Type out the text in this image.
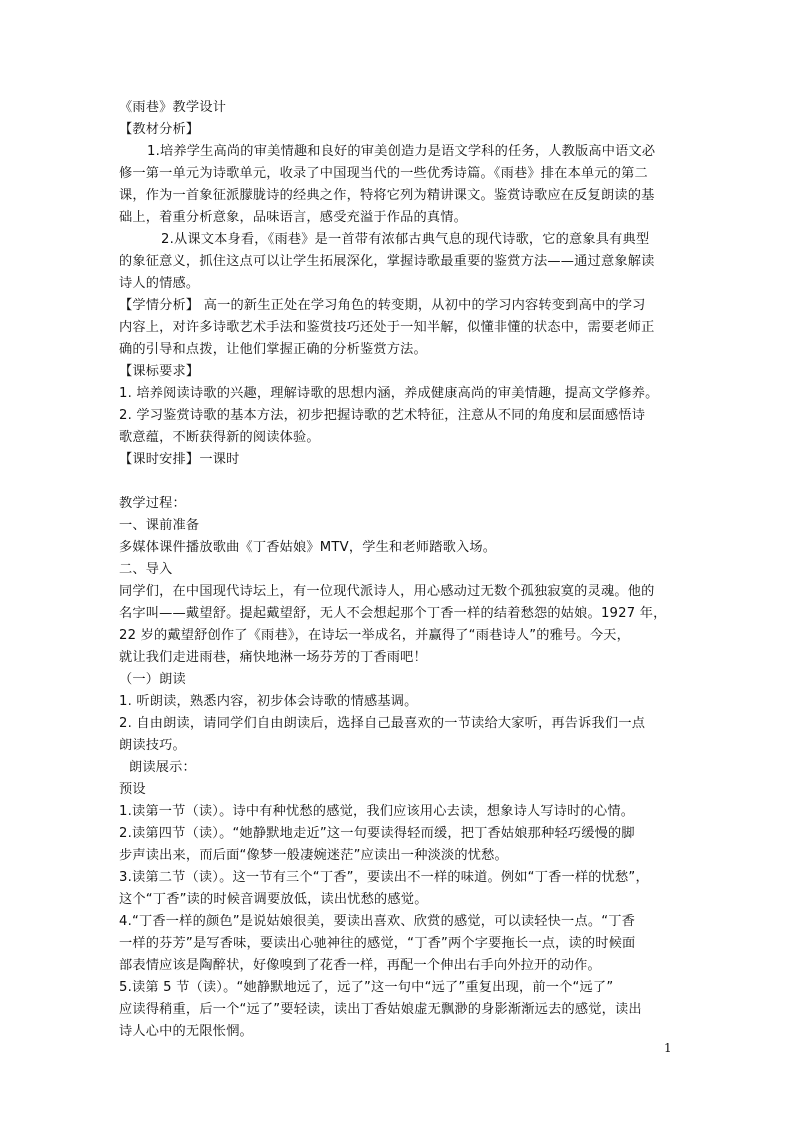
《雨巷》教学设计
【教材分析】
1.培养学生高尚的审美情趣和良好的审美创造力是语文学科的任务，人教版高中语文必
修一第一单元为诗歌单元，收录了中国现当代的一些优秀诗篇。《雨巷》排在本单元的第二
课，作为一首象征派朦胧诗的经典之作，特将它列为精讲课文。鉴赏诗歌应在反复朗读的基
础上，着重分析意象，品味语言，感受充溢于作品的真情。
2.从课文本身看，《雨巷》是一首带有浓郁古典气息的现代诗歌，它的意象具有典型
的象征意义，抓住这点可以让学生拓展深化，掌握诗歌最重要的鉴赏方法——通过意象解读
诗人的情感。
【学情分析】 高一的新生正处在学习角色的转变期，从初中的学习内容转变到高中的学习
内容上，对许多诗歌艺术手法和鉴赏技巧还处于一知半解，似懂非懂的状态中，需要老师正
确的引导和点拨，让他们掌握正确的分析鉴赏方法。
【课标要求】
1. 培养阅读诗歌的兴趣，理解诗歌的思想内涵，养成健康高尚的审美情趣，提高文学修养。
2. 学习鉴赏诗歌的基本方法，初步把握诗歌的艺术特征，注意从不同的角度和层面感悟诗
歌意蕴，不断获得新的阅读体验。
【课时安排】一课时
教学过程：
一、课前准备
多媒体课件播放歌曲《丁香姑娘》MTV，学生和老师踏歌入场。
二、导入
同学们，在中国现代诗坛上，有一位现代派诗人，用心感动过无数个孤独寂寞的灵魂。他的
名字叫——戴望舒。提起戴望舒，无人不会想起那个丁香一样的结着愁怨的姑娘。1927 年，
22 岁的戴望舒创作了《雨巷》，在诗坛一举成名，并赢得了“雨巷诗人”的雅号。今天，
就让我们走进雨巷，痛快地淋一场芬芳的丁香雨吧！
（一）朗读
1. 听朗读，熟悉内容，初步体会诗歌的情感基调。
2. 自由朗读，请同学们自由朗读后，选择自己最喜欢的一节读给大家听，再告诉我们一点
朗读技巧。
朗读展示：
预设
1.读第一节（读）。诗中有种忧愁的感觉，我们应该用心去读，想象诗人写诗时的心情。
2.读第四节（读）。“她静默地走近”这一句要读得轻而缓，把丁香姑娘那种轻巧缓慢的脚
步声读出来，而后面“像梦一般凄婉迷茫”应读出一种淡淡的忧愁。
3.读第二节（读）。这一节有三个“丁香”，要读出不一样的味道。例如“丁香一样的忧愁”，
这个“丁香”读的时候音调要放低，读出忧愁的感觉。
4.“丁香一样的颜色”是说姑娘很美，要读出喜欢、欣赏的感觉，可以读轻快一点。“丁香
一样的芬芳”是写香味，要读出心驰神往的感觉，“丁香”两个字要拖长一点，读的时候面
部表情应该是陶醉状，好像嗅到了花香一样，再配一个伸出右手向外拉开的动作。
5.读第 5 节（读）。“她静默地远了，远了”这一句中“远了”重复出现，前一个“远了”
应读得稍重，后一个“远了”要轻读，读出丁香姑娘虚无飘渺的身影渐渐远去的感觉，读出
诗人心中的无限怅惘。
1
